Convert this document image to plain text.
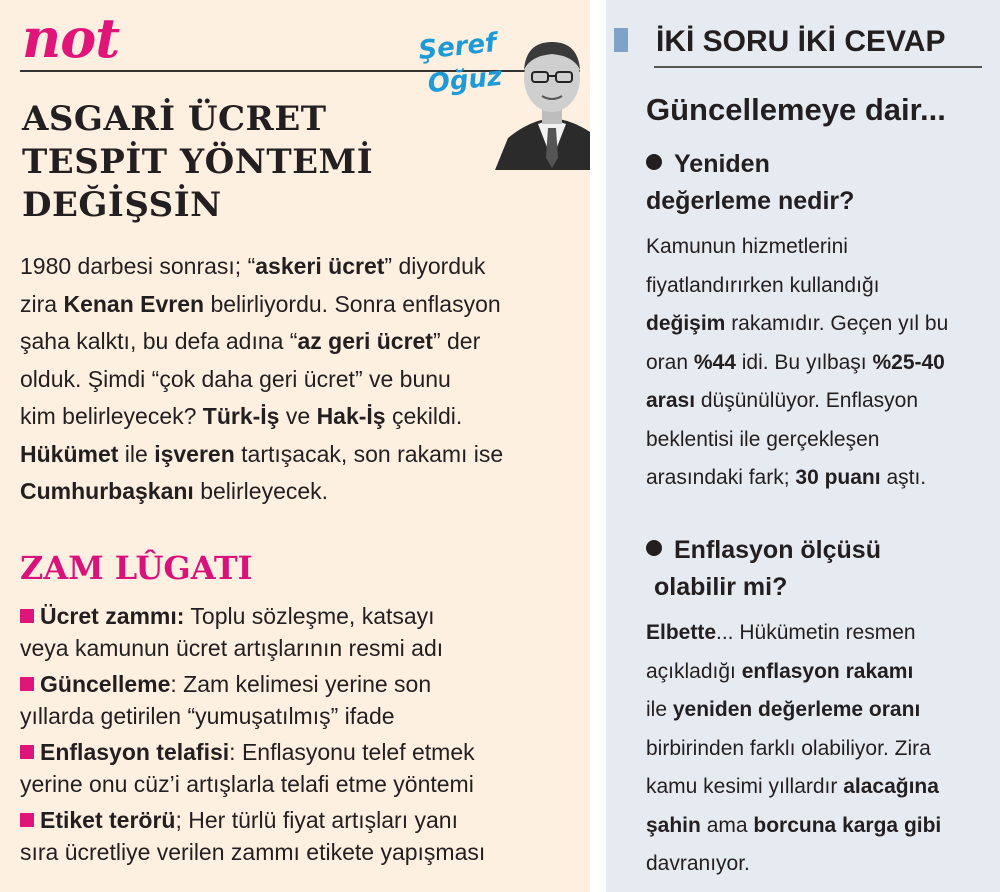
not	Şeref
Oğuz
ASGARİ ÜCRET
TESPİT YÖNTEMİ
DEĞİŞSİN
1980 darbesi sonrası; “askeri ücret” diyorduk
zira Kenan Evren belirliyordu. Sonra enflasyon
şaha kalktı, bu defa adına “az geri ücret” der
olduk. Şimdi “çok daha geri ücret” ve bunu
kim belirleyecek? Türk-İş ve Hak-İş çekildi.
Hükümet ile işveren tartışacak, son rakamı ise
Cumhurbaşkanı belirleyecek.
ZAM LÛGATI
Ücret zammı: Toplu sözleşme, katsayı
veya kamunun ücret artışlarının resmi adı
Güncelleme: Zam kelimesi yerine son
yıllarda getirilen “yumuşatılmış” ifade
Enflasyon telafisi: Enflasyonu telef etmek
yerine onu cüz’i artışlarla telafi etme yöntemi
Etiket terörü; Her türlü fiyat artışları yanı
sıra ücretliye verilen zammı etikete yapışması
İKİ SORU İKİ CEVAP
Güncellemeye dair...
Yeniden
değerleme nedir?
Kamunun hizmetlerini
fiyatlandırırken kullandığı
değişim rakamıdır. Geçen yıl bu
oran %44 idi. Bu yılbaşı %25-40
arası düşünülüyor. Enflasyon
beklentisi ile gerçekleşen
arasındaki fark; 30 puanı aştı.
Enflasyon ölçüsü
olabilir mi?
Elbette... Hükümetin resmen
açıkladığı enflasyon rakamı
ile yeniden değerleme oranı
birbirinden farklı olabiliyor. Zira
kamu kesimi yıllardır alacağına
şahin ama borcuna karga gibi
davranıyor.
